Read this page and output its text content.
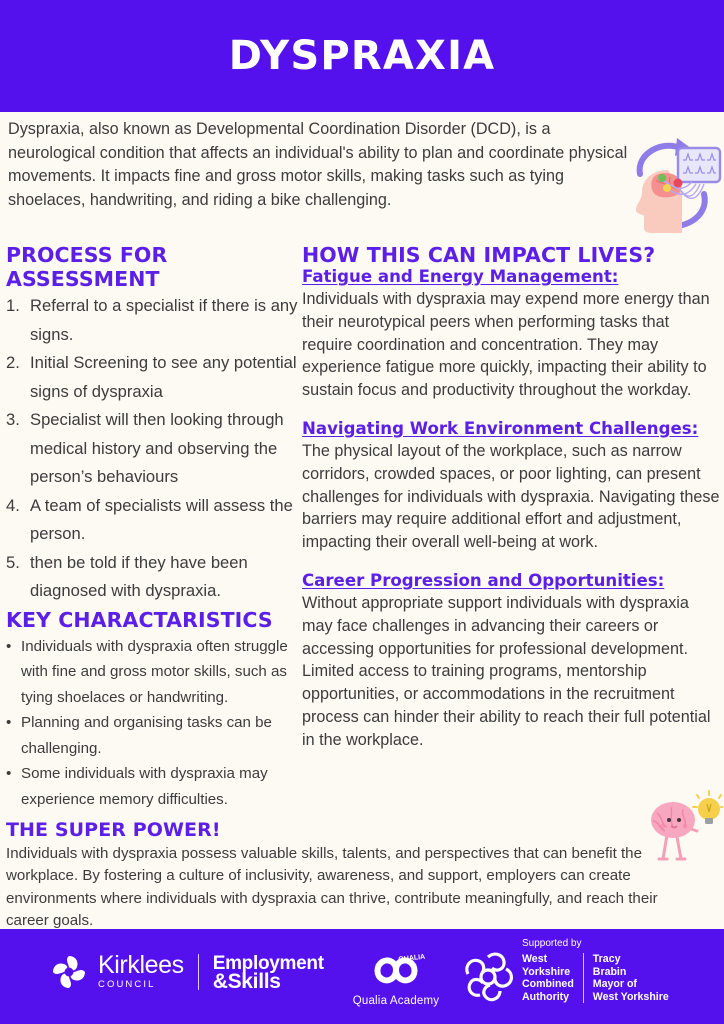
DYSPRAXIA
Dyspraxia, also known as Developmental Coordination Disorder (DCD), is a neurological condition that affects an individual's ability to plan and coordinate physical movements. It impacts fine and gross motor skills, making tasks such as tying shoelaces, handwriting, and riding a bike challenging.
PROCESS FOR ASSESSMENT
Referral to a specialist if there is any signs.
Initial Screening to see any potential signs of dyspraxia
Specialist will then looking through medical history and observing the person’s behaviours
A team of specialists will assess the person.
then be told if they have been diagnosed with dyspraxia.
KEY CHARACTARISTICS
• Individuals with dyspraxia often struggle with fine and gross motor skills, such as tying shoelaces or handwriting.
• Planning and organising tasks can be challenging.
• Some individuals with dyspraxia may experience memory difficulties.
HOW THIS CAN IMPACT LIVES?
Fatigue and Energy Management:
Individuals with dyspraxia may expend more energy than their neurotypical peers when performing tasks that require coordination and concentration. They may experience fatigue more quickly, impacting their ability to sustain focus and productivity throughout the workday.
Navigating Work Environment Challenges:
The physical layout of the workplace, such as narrow corridors, crowded spaces, or poor lighting, can present challenges for individuals with dyspraxia. Navigating these barriers may require additional effort and adjustment, impacting their overall well-being at work.
Career Progression and Opportunities:
Without appropriate support individuals with dyspraxia may face challenges in advancing their careers or accessing opportunities for professional development. Limited access to training programs, mentorship opportunities, or accommodations in the recruitment process can hinder their ability to reach their full potential in the workplace.
THE SUPER POWER!
Individuals with dyspraxia possess valuable skills, talents, and perspectives that can benefit the workplace. By fostering a culture of inclusivity, awareness, and support, employers can create environments where individuals with dyspraxia can thrive, contribute meaningfully, and reach their career goals.
Kirklees
COUNCIL
Employment
&Skills
QUALIA
Qualia Academy
Supported by
West
Yorkshire
Combined
Authority
Tracy
Brabin
Mayor of
West Yorkshire
